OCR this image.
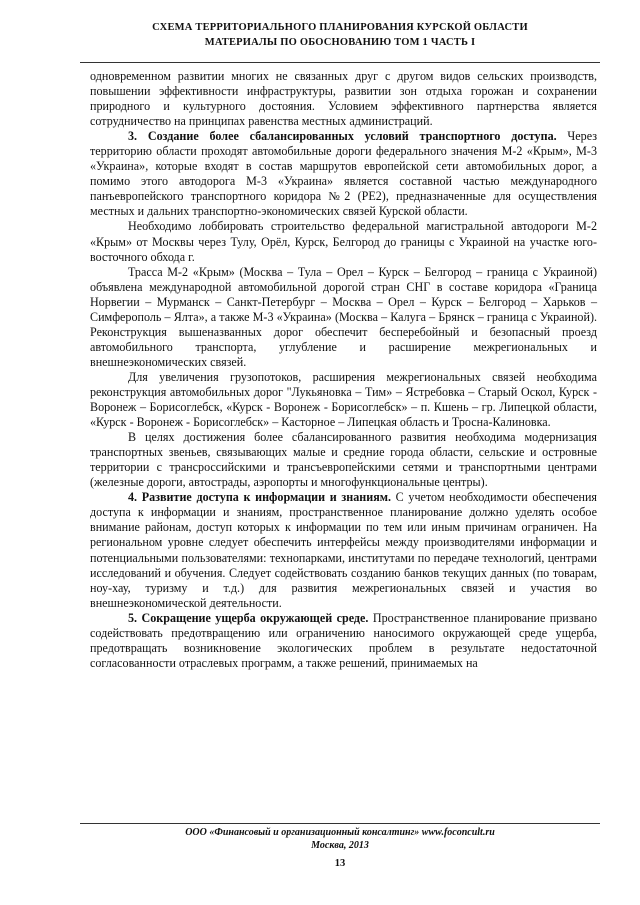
СХЕМА ТЕРРИТОРИАЛЬНОГО ПЛАНИРОВАНИЯ КУРСКОЙ ОБЛАСТИ
МАТЕРИАЛЫ ПО ОБОСНОВАНИЮ ТОМ 1 ЧАСТЬ I

одновременном развитии многих не связанных друг с другом видов сельских производств, повышении эффективности инфраструктуры, развитии зон отдыха горожан и сохранении природного и культурного достояния. Условием эффективного партнерства является сотрудничество на принципах равенства местных администраций.

3. Создание более сбалансированных условий транспортного доступа. Через территорию области проходят автомобильные дороги федерального значения М-2 «Крым», М-3 «Украина», которые входят в состав маршрутов европейской сети автомобильных дорог, а помимо этого автодорога М-3 «Украина» является составной частью международного панъевропейского транспортного коридора №2 (РЕ2), предназначенные для осуществления местных и дальних транспортно-экономических связей Курской области.

Необходимо лоббировать строительство федеральной магистральной автодороги М-2 «Крым» от Москвы через Тулу, Орёл, Курск, Белгород до границы с Украиной на участке юго-восточного обхода г.

Трасса М-2 «Крым» (Москва – Тула – Орел – Курск – Белгород – граница с Украиной) объявлена международной автомобильной дорогой стран СНГ в составе коридора «Граница Норвегии – Мурманск – Санкт-Петербург – Москва – Орел – Курск – Белгород – Харьков – Симферополь – Ялта», а также М-3 «Украина» (Москва – Калуга – Брянск – граница с Украиной). Реконструкция вышеназванных дорог обеспечит бесперебойный и безопасный проезд автомобильного транспорта, углубление и расширение межрегиональных и внешнеэкономических связей.

Для увеличения грузопотоков, расширения межрегиональных связей необходима реконструкция автомобильных дорог "Лукьяновка – Тим» – Ястребовка – Старый Оскол, Курск - Воронеж – Борисоглебск, «Курск - Воронеж - Борисоглебск» – п. Кшень – гр. Липецкой области, «Курск - Воронеж - Борисоглебск» – Касторное – Липецкая область и Тросна-Калиновка.

В целях достижения более сбалансированного развития необходима модернизация транспортных звеньев, связывающих малые и средние города области, сельские и островные территории с трансроссийскими и трансъевропейскими сетями и транспортными центрами (железные дороги, автострады, аэропорты и многофункциональные центры).

4. Развитие доступа к информации и знаниям. С учетом необходимости обеспечения доступа к информации и знаниям, пространственное планирование должно уделять особое внимание районам, доступ которых к информации по тем или иным причинам ограничен. На региональном уровне следует обеспечить интерфейсы между производителями информации и потенциальными пользователями: технопарками, институтами по передаче технологий, центрами исследований и обучения. Следует содействовать созданию банков текущих данных (по товарам, ноу-хау, туризму и т.д.) для развития межрегиональных связей и участия во внешнеэкономической деятельности.

5. Сокращение ущерба окружающей среде. Пространственное планирование призвано содействовать предотвращению или ограничению наносимого окружающей среде ущерба, предотвращать возникновение экологических проблем в результате недостаточной согласованности отраслевых программ, а также решений, принимаемых на

ООО «Финансовый и организационный консалтинг» www.foconcult.ru
Москва, 2013
13
